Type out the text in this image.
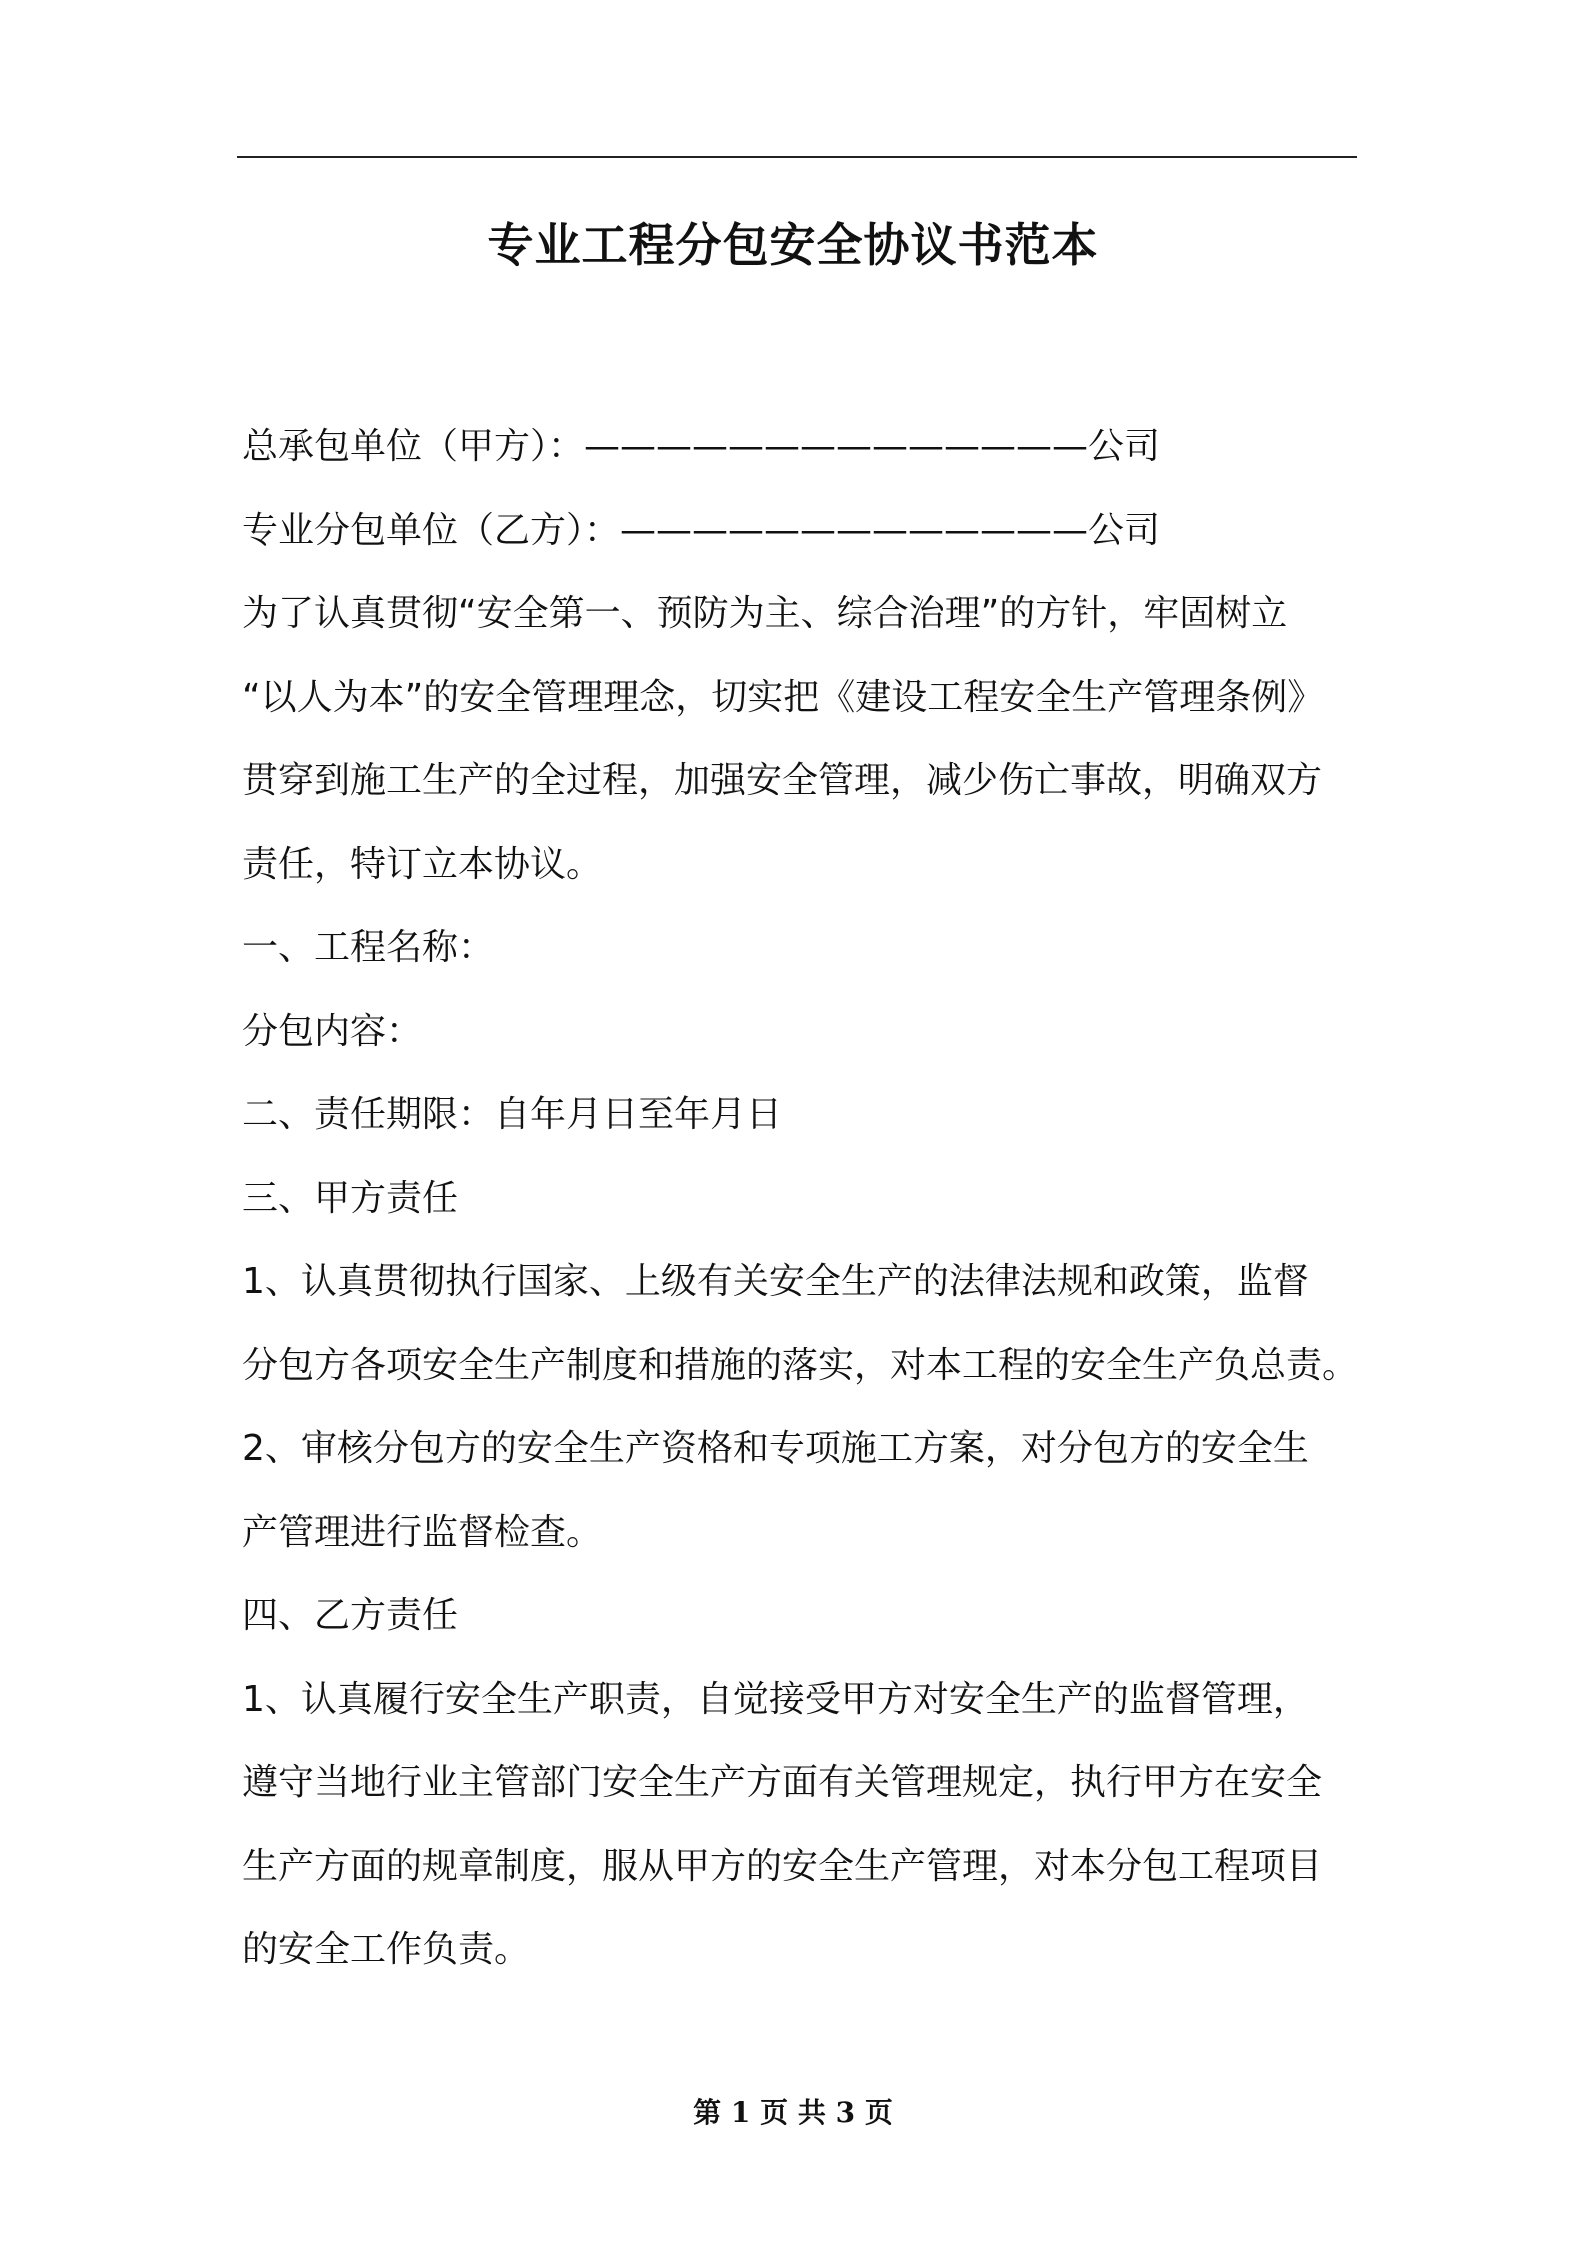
专业工程分包安全协议书范本

总承包单位（甲方）：——————————————公司

专业分包单位（乙方）：—————————————公司

为了认真贯彻“安全第一、预防为主、综合治理”的方针，牢固树立

“以人为本”的安全管理理念，切实把《建设工程安全生产管理条例》

贯穿到施工生产的全过程，加强安全管理，减少伤亡事故，明确双方

责任，特订立本协议。

一、工程名称：

分包内容：

二、责任期限：自年月日至年月日

三、甲方责任

1、认真贯彻执行国家、上级有关安全生产的法律法规和政策，监督

分包方各项安全生产制度和措施的落实，对本工程的安全生产负总责。

2、审核分包方的安全生产资格和专项施工方案，对分包方的安全生

产管理进行监督检查。

四、乙方责任

1、认真履行安全生产职责，自觉接受甲方对安全生产的监督管理，

遵守当地行业主管部门安全生产方面有关管理规定，执行甲方在安全

生产方面的规章制度，服从甲方的安全生产管理，对本分包工程项目

的安全工作负责。

第 1 页 共 3 页
